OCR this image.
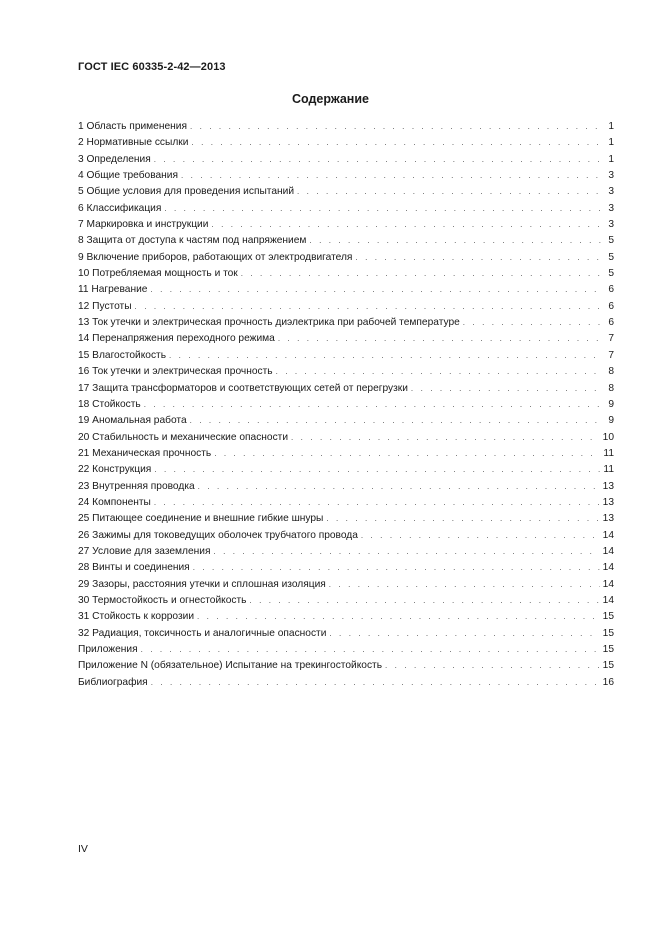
ГОСТ IEC 60335-2-42—2013
Содержание
1 Область применения . . .	1
2 Нормативные ссылки . . .	1
3 Определения . . .	1
4 Общие требования . . .	3
5 Общие условия для проведения испытаний . . .	3
6 Классификация . . .	3
7 Маркировка и инструкции . . .	3
8 Защита от доступа к частям под напряжением . . .	5
9 Включение приборов, работающих от электродвигателя . . .	5
10 Потребляемая мощность и ток . . .	5
11 Нагревание . . .	6
12 Пустоты . . .	6
13 Ток утечки и электрическая прочность диэлектрика при рабочей температуре . . .	6
14 Перенапряжения переходного режима . . .	7
15 Влагостойкость . . .	7
16 Ток утечки и электрическая прочность . . .	8
17 Защита трансформаторов и соответствующих сетей от перегрузки . . .	8
18 Стойкость . . .	9
19 Аномальная работа . . .	9
20 Стабильность и механические опасности . . .	10
21 Механическая прочность . . .	11
22 Конструкция . . .	11
23 Внутренняя проводка . . .	13
24 Компоненты . . .	13
25 Питающее соединение и внешние гибкие шнуры . . .	13
26 Зажимы для токоведущих оболочек трубчатого провода . . .	14
27 Условие для заземления . . .	14
28 Винты и соединения . . .	14
29 Зазоры, расстояния утечки и сплошная изоляция . . .	14
30 Термостойкость и огнестойкость . . .	14
31 Стойкость к коррозии . . .	15
32 Радиация, токсичность и аналогичные опасности . . .	15
Приложения . . .	15
Приложение N (обязательное) Испытание на трекингостойкость . . .	15
Библиография . . .	16
IV
